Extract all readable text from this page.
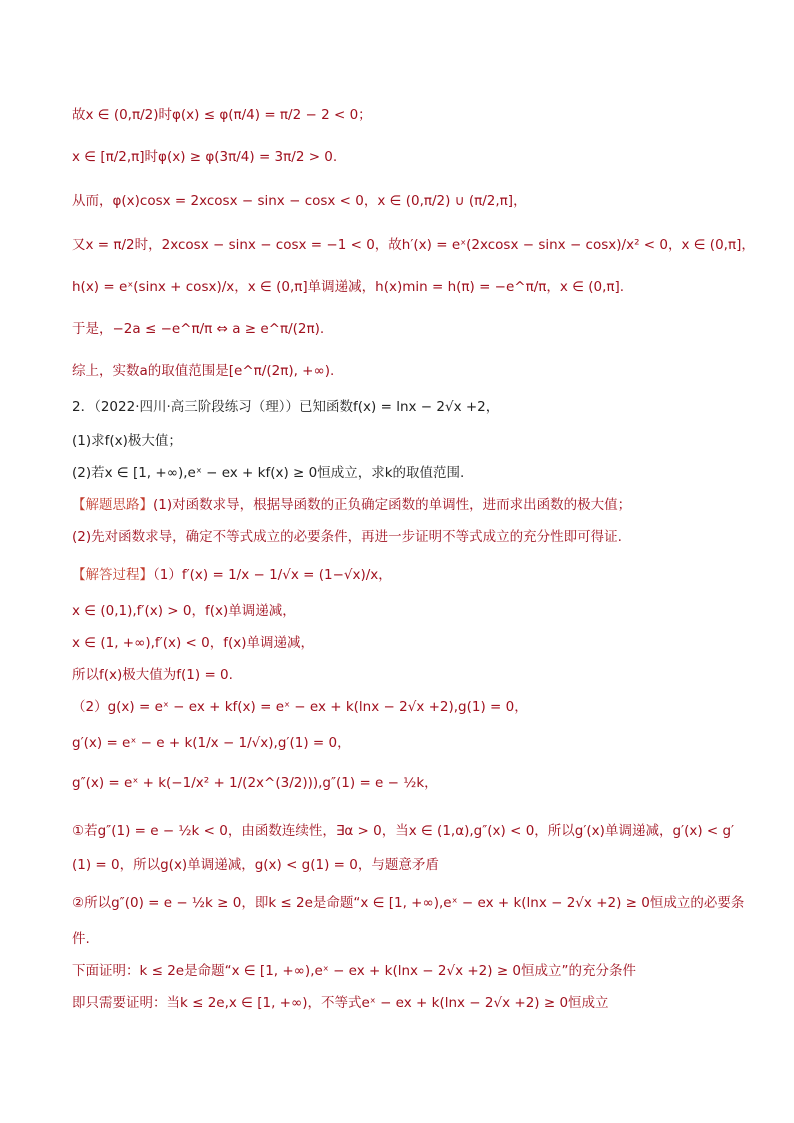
故x ∈ (0,π/2)时φ(x) ≤ φ(π/4) = π/2 − 2 < 0；
x ∈ [π/2,π]时φ(x) ≥ φ(3π/4) = 3π/2 > 0.
从而，φ(x)cosx = 2xcosx − sinx − cosx < 0，x ∈ (0,π/2) ∪ (π/2,π]，
又x = π/2时，2xcosx − sinx − cosx = −1 < 0，故h′(x) = eˣ(2xcosx − sinx − cosx)/x² < 0，x ∈ (0,π]，
h(x) = eˣ(sinx + cosx)/x，x ∈ (0,π]单调递减，h(x)min = h(π) = −e^π/π，x ∈ (0,π].
于是，−2a ≤ −e^π/π ⇔ a ≥ e^π/(2π).
综上，实数a的取值范围是[e^π/(2π), +∞).
2．（2022·四川·高三阶段练习（理））已知函数f(x) = lnx − 2√x +2，
(1)求f(x)极大值；
(2)若x ∈ [1, +∞),eˣ − ex + kf(x) ≥ 0恒成立，求k的取值范围.
【解题思路】(1)对函数求导，根据导函数的正负确定函数的单调性，进而求出函数的极大值；
(2)先对函数求导，确定不等式成立的必要条件，再进一步证明不等式成立的充分性即可得证.
【解答过程】（1）f′(x) = 1/x − 1/√x = (1−√x)/x，
x ∈ (0,1),f′(x) > 0，f(x)单调递减，
x ∈ (1, +∞),f′(x) < 0，f(x)单调递减，
所以f(x)极大值为f(1) = 0.
（2）g(x) = eˣ − ex + kf(x) = eˣ − ex + k(lnx − 2√x +2),g(1) = 0，
g′(x) = eˣ − e + k(1/x − 1/√x),g′(1) = 0，
g″(x) = eˣ + k(−1/x² + 1/(2x^(3/2))),g″(1) = e − ½k，
①若g″(1) = e − ½k < 0，由函数连续性，∃α > 0，当x ∈ (1,α),g″(x) < 0，所以g′(x)单调递减，g′(x) < g′
(1) = 0，所以g(x)单调递减，g(x) < g(1) = 0，与题意矛盾
②所以g″(0) = e − ½k ≥ 0，即k ≤ 2e是命题“x ∈ [1, +∞),eˣ − ex + k(lnx − 2√x +2) ≥ 0恒成立的必要条
件.
下面证明：k ≤ 2e是命题“x ∈ [1, +∞),eˣ − ex + k(lnx − 2√x +2) ≥ 0恒成立”的充分条件
即只需要证明：当k ≤ 2e,x ∈ [1, +∞)，不等式eˣ − ex + k(lnx − 2√x +2) ≥ 0恒成立
